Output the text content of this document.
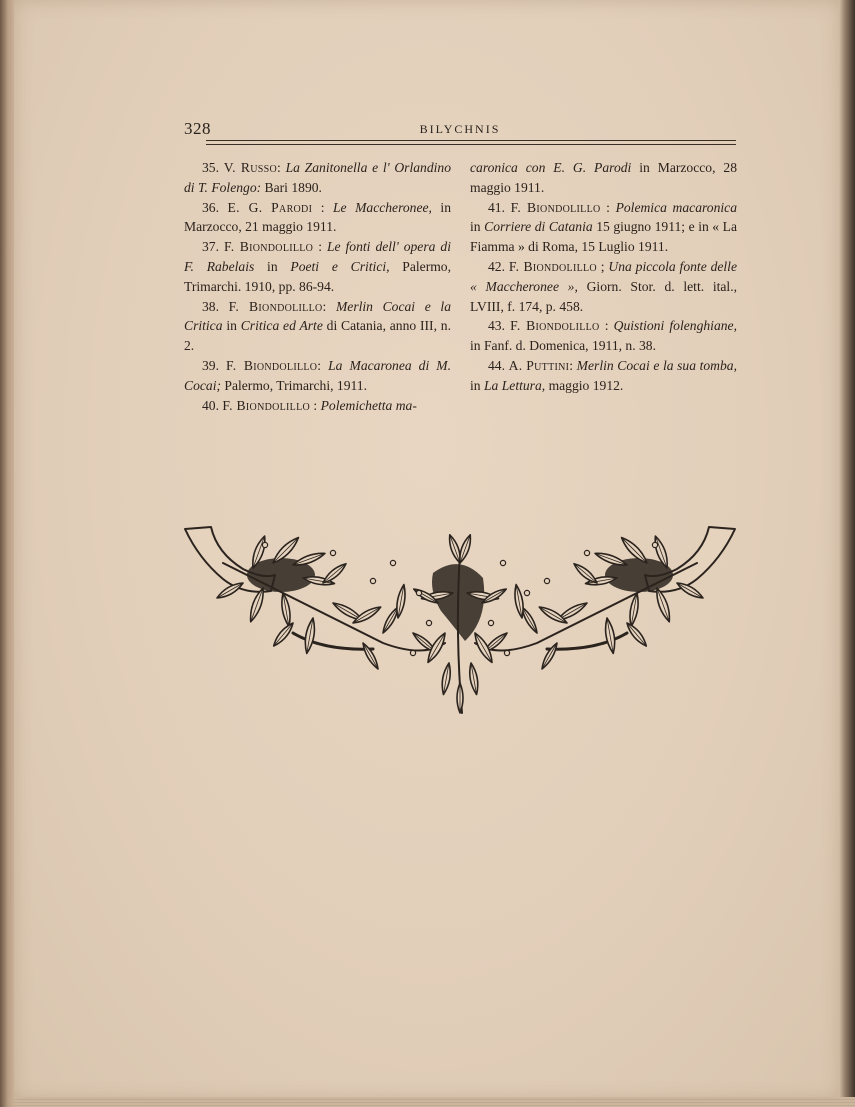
328	BILYCHNIS

35. V. Russo: La Zanitonella e l' Orlandino di T. Folengo: Bari 1890.

36. E. G. Parodi : Le Maccheronee, in Marzocco, 21 maggio 1911.

37. F. Biondolillo : Le fonti dell' opera di F. Rabelais in Poeti e Critici, Palermo, Trimarchi. 1910, pp. 86-94.

38. F. Biondolillo: Merlin Cocai e la Critica in Critica ed Arte di Catania, anno III, n. 2.

39. F. Biondolillo: La Macaronea di M. Cocai; Palermo, Trimarchi, 1911.

40. F. Biondolillo : Polemichetta ma-

caronica con E. G. Parodi in Marzocco, 28 maggio 1911.

41. F. Biondolillo : Polemica macaronica in Corriere di Catania 15 giugno 1911; e in « La Fiamma » di Roma, 15 Luglio 1911.

42. F. Biondolillo ; Una piccola fonte delle « Maccheronee », Giorn. Stor. d. lett. ital., LVIII, f. 174, p. 458.

43. F. Biondolillo : Quistioni folenghiane, in Fanf. d. Domenica, 1911, n. 38.

44. A. Puttini: Merlin Cocai e la sua tomba, in La Lettura, maggio 1912.
